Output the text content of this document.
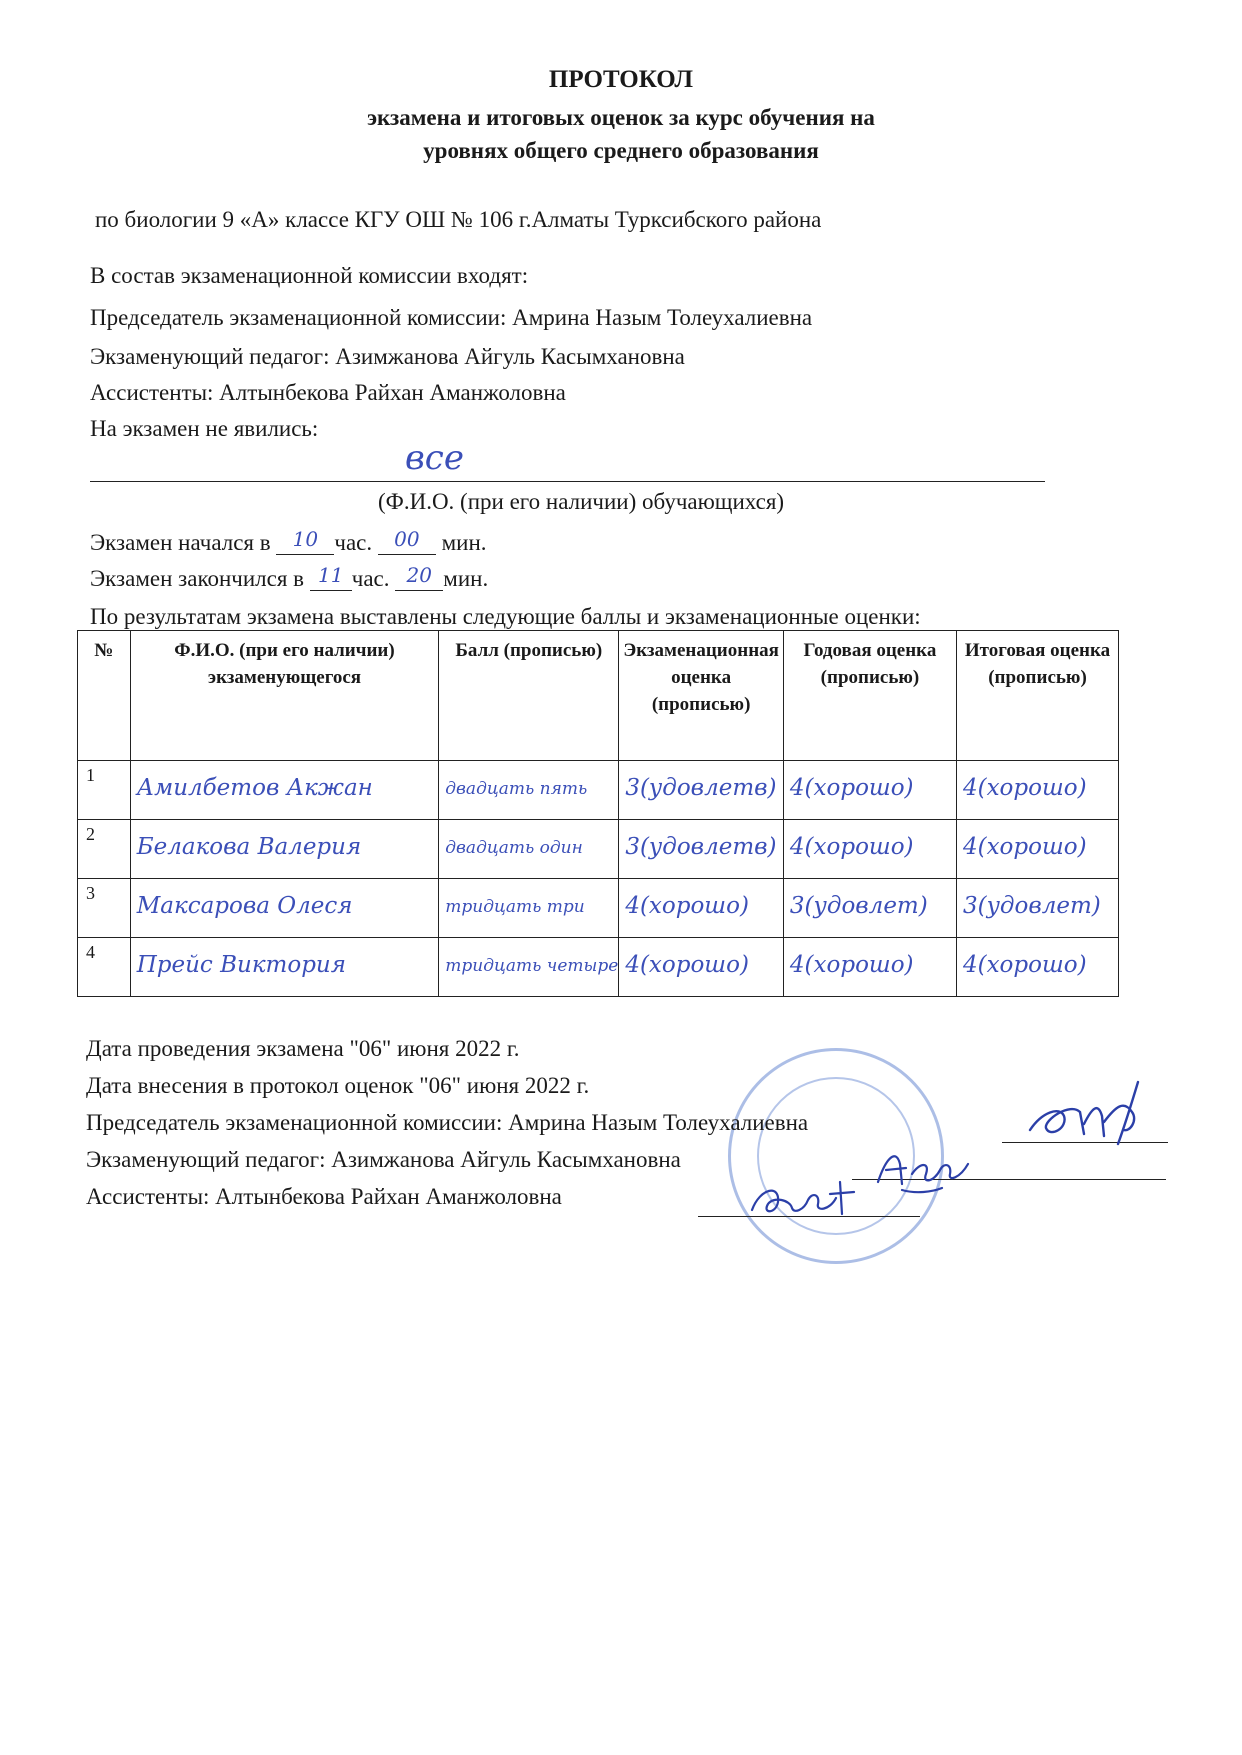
ПРОТОКОЛ
экзамена и итоговых оценок за курс обучения на
уровнях общего среднего образования
по биологии 9 «А» классе КГУ ОШ № 106 г.Алматы Турксибского района
В состав экзаменационной комиссии входят:
Председатель экзаменационной комиссии: Амрина Назым Толеухалиевна
Экзаменующий педагог: Азимжанова Айгуль Касымхановна
Ассистенты: Алтынбекова Райхан Аманжоловна
На экзамен не явились:
все
(Ф.И.О. (при его наличии) обучающихся)
Экзамен начался в 10 час. 00 мин.
Экзамен закончился в 11 час. 20 мин.
По результатам экзамена выставлены следующие баллы и экзаменационные оценки:
№	Ф.И.О. (при его наличии) экзаменующегося	Балл (прописью)	Экзаменационная оценка (прописью)	Годовая оценка (прописью)	Итоговая оценка (прописью)
1	Амилбетов Акжан	двадцать пять	3(удовлетв)	4(хорошо)	4(хорошо)

2	Белакова Валерия	двадцать один	3(удовлетв)	4(хорошо)	4(хорошо)

3	Максарова Олеся	тридцать три	4(хорошо)	3(удовлет)	3(удовлет)

4	Прейс Виктория	тридцать четыре	4(хорошо)	4(хорошо)	4(хорошо)
Дата проведения экзамена "06" июня 2022 г.
Дата внесения в протокол оценок "06" июня 2022 г.
Председатель экзаменационной комиссии: Амрина Назым Толеухалиевна
Экзаменующий педагог: Азимжанова Айгуль Касымхановна
Ассистенты: Алтынбекова Райхан Аманжоловна
